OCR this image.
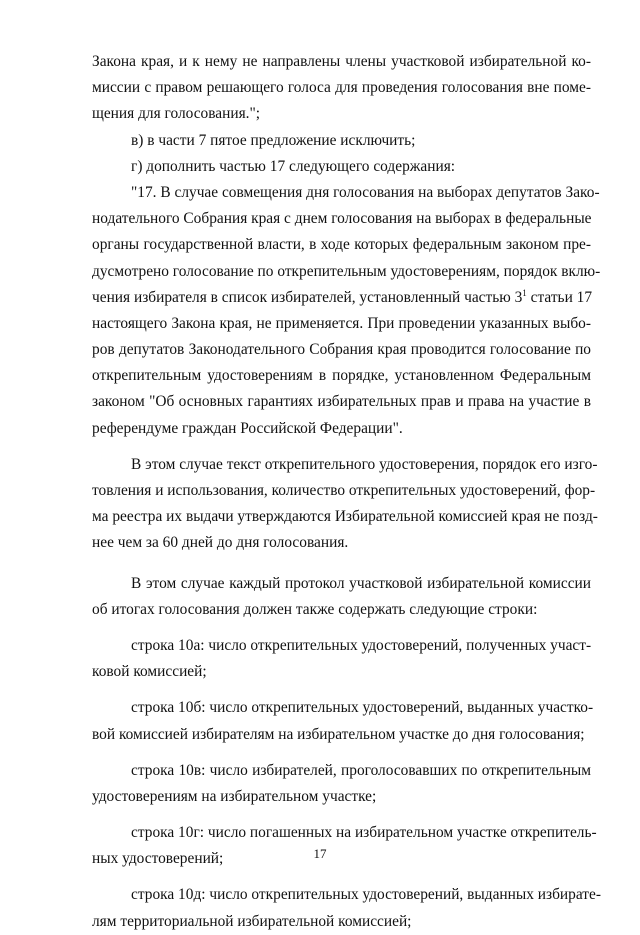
Закона края, и к нему не направлены члены участковой избирательной ко-
миссии с правом решающего голоса для проведения голосования вне поме-
щения для голосования.";
в) в части 7 пятое предложение исключить;
г) дополнить частью 17 следующего содержания:
"17. В случае совмещения дня голосования на выборах депутатов Зако-
нодательного Собрания края с днем голосования на выборах в федеральные
органы государственной власти, в ходе которых федеральным законом пре-
дусмотрено голосование по открепительным удостоверениям, порядок вклю-
чения избирателя в список избирателей, установленный частью $3^1$ статьи 17
настоящего Закона края, не применяется. При проведении указанных выбо-
ров депутатов Законодательного Собрания края проводится голосование по
открепительным удостоверениям в порядке, установленном Федеральным
законом "Об основных гарантиях избирательных прав и права на участие в
референдуме граждан Российской Федерации".
В этом случае текст открепительного удостоверения, порядок его изго-
товления и использования, количество открепительных удостоверений, фор-
ма реестра их выдачи утверждаются Избирательной комиссией края не позд-
нее чем за 60 дней до дня голосования.
В этом случае каждый протокол участковой избирательной комиссии
об итогах голосования должен также содержать следующие строки:
строка 10а: число открепительных удостоверений, полученных участ-
ковой комиссией;
строка 10б: число открепительных удостоверений, выданных участко-
вой комиссией избирателям на избирательном участке до дня голосования;
строка 10в: число избирателей, проголосовавших по открепительным
удостоверениям на избирательном участке;
строка 10г: число погашенных на избирательном участке открепитель-
ных удостоверений;
строка 10д: число открепительных удостоверений, выданных избирате-
лям территориальной избирательной комиссией;
17
